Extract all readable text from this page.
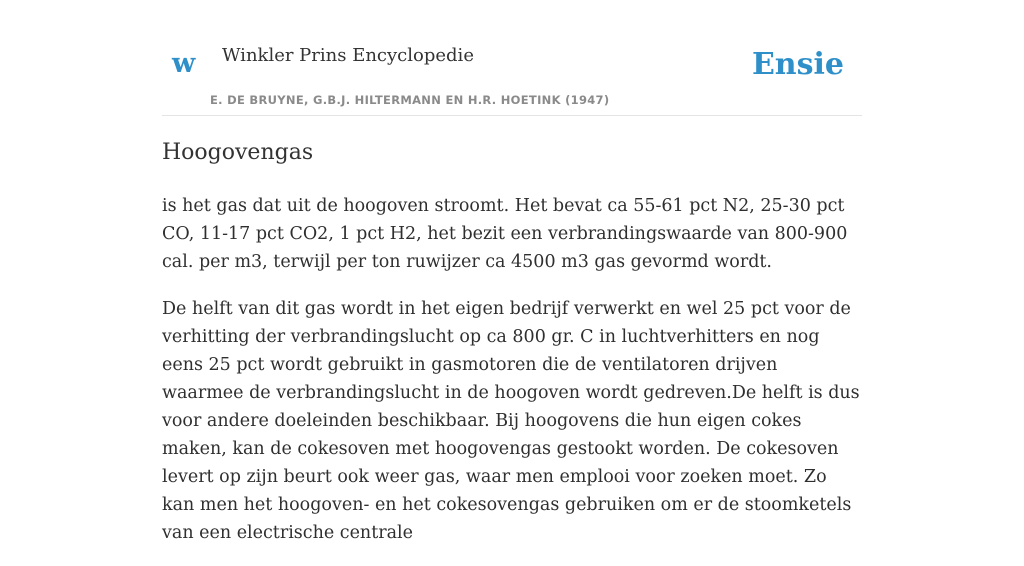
w Winkler Prins Encyclopedie
E. DE BRUYNE, G.B.J. HILTERMANN EN H.R. HOETINK (1947)
Ensie
Hoogovengas

is het gas dat uit de hoogoven stroomt. Het bevat ca 55-61 pct N2, 25-30 pct CO, 11-17 pct CO2, 1 pct H2, het bezit een verbrandingswaarde van 800-900 cal. per m3, terwijl per ton ruwijzer ca 4500 m3 gas gevormd wordt.

De helft van dit gas wordt in het eigen bedrijf verwerkt en wel 25 pct voor de verhitting der verbrandingslucht op ca 800 gr. C in luchtverhitters en nog eens 25 pct wordt gebruikt in gasmotoren die de ventilatoren drijven waarmee de verbrandingslucht in de hoogoven wordt gedreven.De helft is dus voor andere doeleinden beschikbaar. Bij hoogovens die hun eigen cokes maken, kan de cokesoven met hoogovengas gestookt worden. De cokesoven levert op zijn beurt ook weer gas, waar men emplooi voor zoeken moet. Zo kan men het hoogoven- en het cokesovengas gebruiken om er de stoomketels van een electrische centrale
